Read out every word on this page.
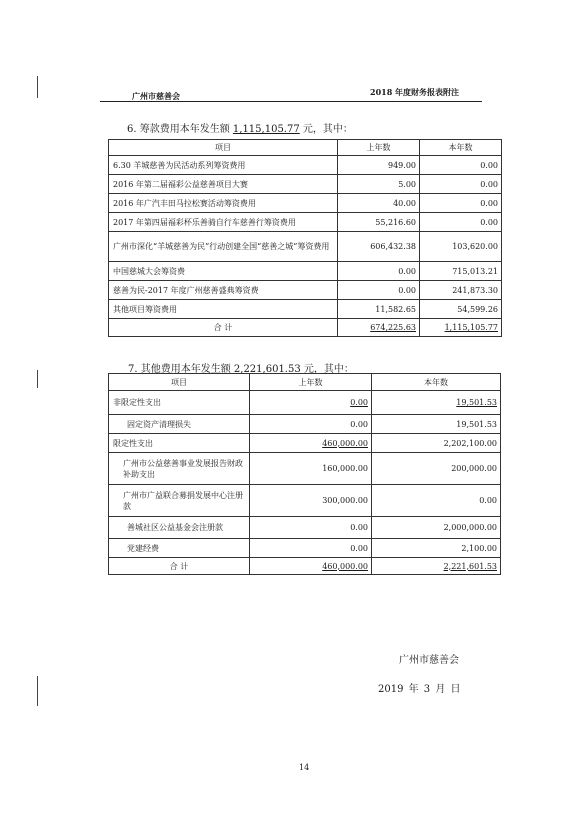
广州市慈善会	2018 年度财务报表附注
6. 筹款费用本年发生额 1,115,105.77 元，其中：
项目	上年数	本年数
6.30 羊城慈善为民活动系列筹资费用	949.00	0.00
2016 年第二届福彩公益慈善项目大赛	5.00	0.00
2016 年广汽丰田马拉松赛活动筹资费用	40.00	0.00
2017 年第四届福彩杯乐善骑自行车慈善行筹资费用	55,216.60	0.00
广州市深化“羊城慈善为民”行动创建全国“慈善之城”筹资费用	606,432.38	103,620.00
中国慈城大会筹资费	0.00	715,013.21
慈善为民-2017 年度广州慈善盛典筹资费	0.00	241,873.30
其他项目筹资费用	11,582.65	54,599.26
合 计	674,225.63	1,115,105.77
7. 其他费用本年发生额 2,221,601.53 元，其中：
项目	上年数	本年数
非限定性支出	0.00	19,501.53
固定资产清理损失	0.00	19,501.53
限定性支出	460,000.00	2,202,100.00
广州市公益慈善事业发展报告财政补助支出	160,000.00	200,000.00
广州市广益联合募捐发展中心注册款	300,000.00	0.00
善城社区公益基金会注册款	0.00	2,000,000.00
党建经费	0.00	2,100.00
合 计	460,000.00	2,221,601.53
广州市慈善会
2019 年 3 月 日
14
